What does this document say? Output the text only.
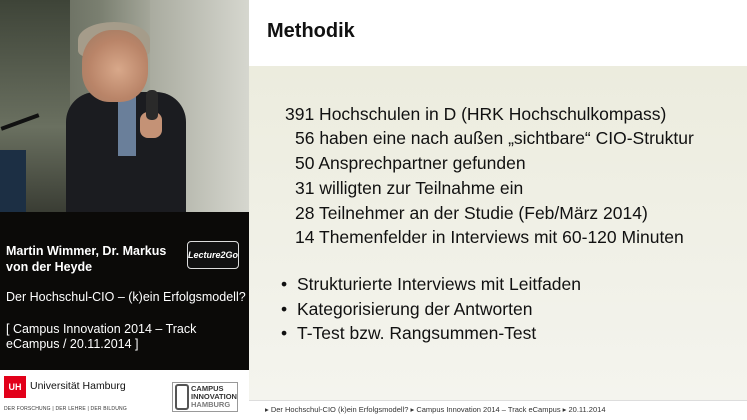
Martin Wimmer, Dr. Markus von der Heyde
Lecture2Go
Der Hochschul-CIO – (k)ein Erfolgsmodell?
[ Campus Innovation 2014 – Track eCampus / 20.11.2014 ]
UH Universität Hamburg
DER FORSCHUNG | DER LEHRE | DER BILDUNG
CAMPUS
INNOVATION
HAMBURG
Methodik
391 Hochschulen in D (HRK Hochschulkompass)
56 haben eine nach außen „sichtbare“ CIO-Struktur
50 Ansprechpartner gefunden
31 willigten zur Teilnahme ein
28 Teilnehmer an der Studie (Feb/März 2014)
14 Themenfelder in Interviews mit 60-120 Minuten
• Strukturierte Interviews mit Leitfaden
• Kategorisierung der Antworten
• T-Test bzw. Rangsummen-Test
▸ Der Hochschul-CIO (k)ein Erfolgsmodell? ▸ Campus Innovation 2014 – Track eCampus ▸ 20.11.2014
